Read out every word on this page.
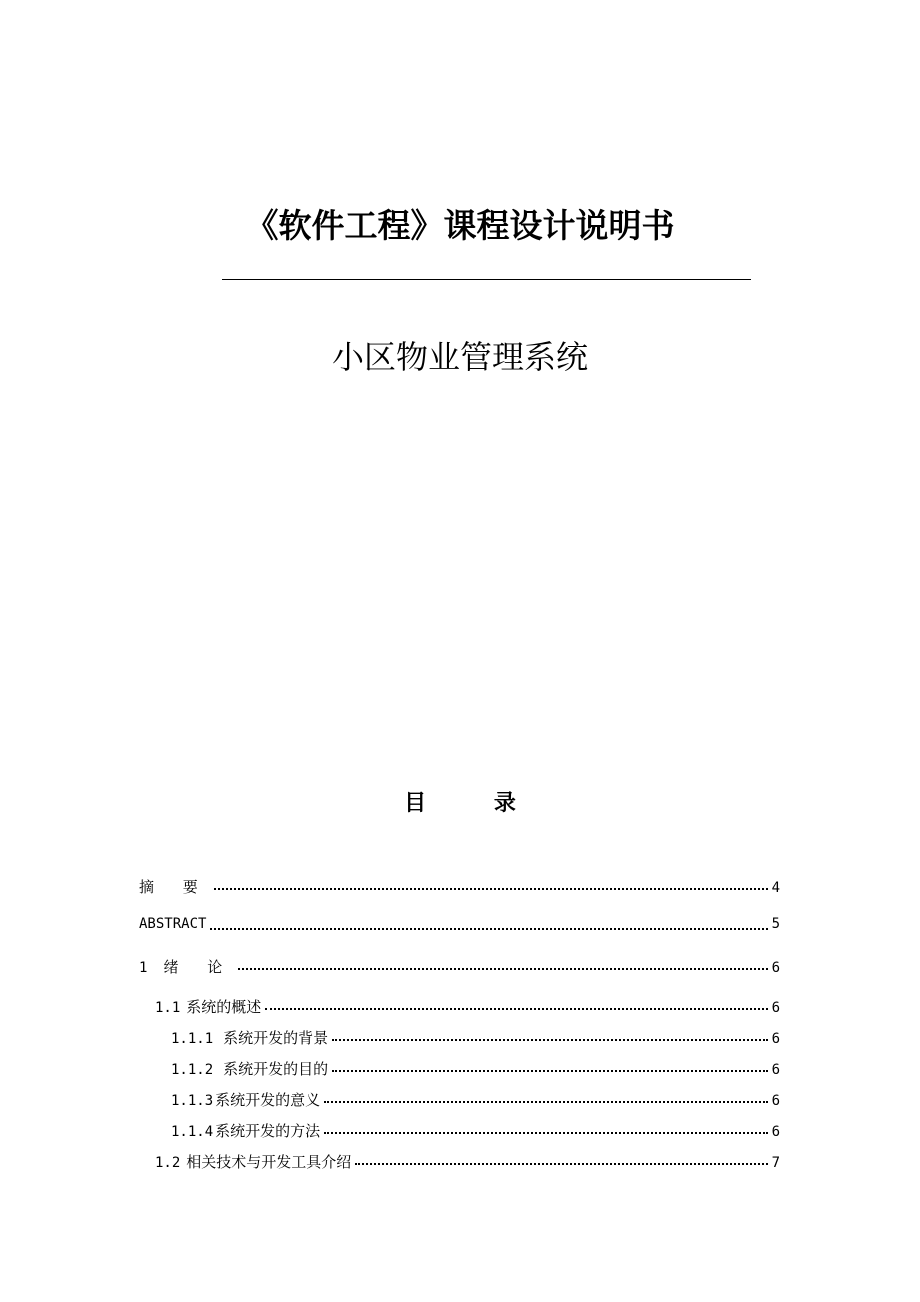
《软件工程》课程设计说明书
小区物业管理系统
目 录
摘 要	4
ABSTRACT	5
1 绪 论	6
1.1 系统的概述	6
1.1.1 系统开发的背景	6
1.1.2 系统开发的目的	6
1.1.3 系统开发的意义	6
1.1.4 系统开发的方法	6
1.2 相关技术与开发工具介绍	7
